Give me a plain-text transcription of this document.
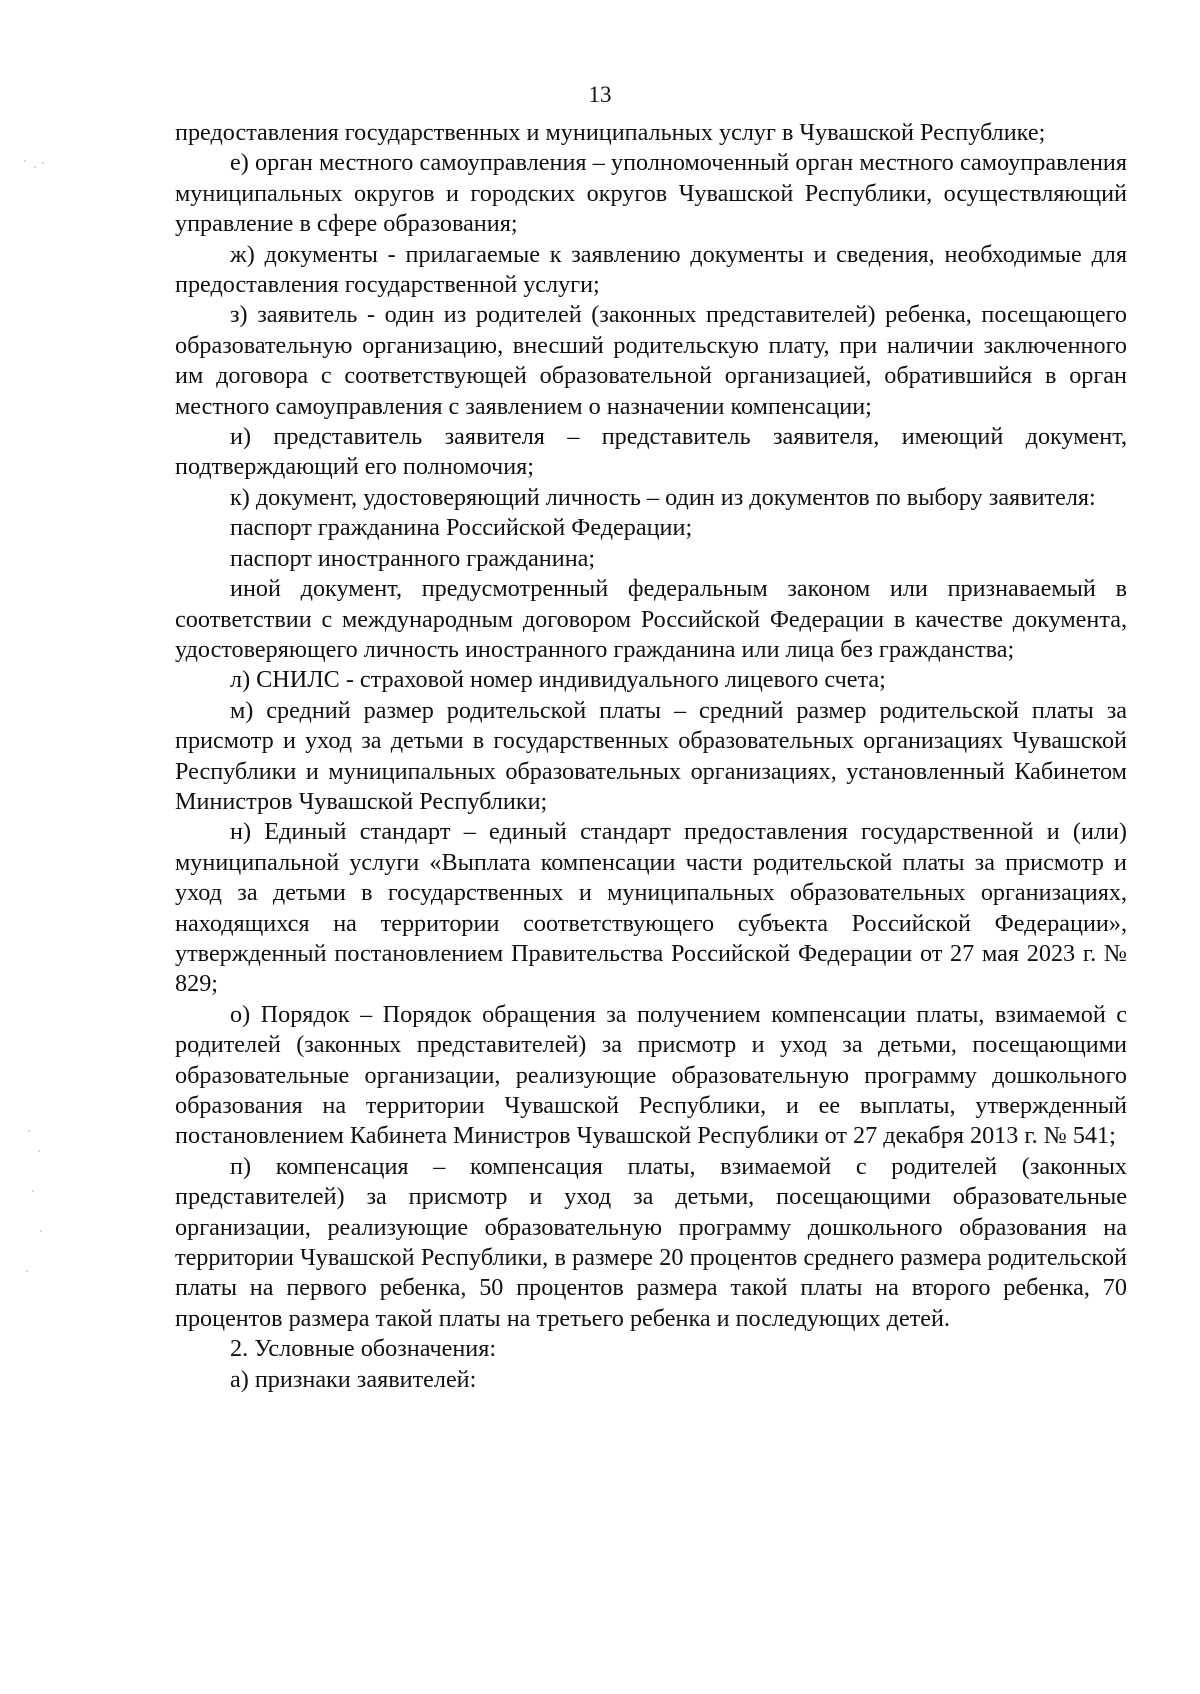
13

предоставления государственных и муниципальных услуг в Чувашской Республике;

е) орган местного самоуправления – уполномоченный орган местного самоуправления муниципальных округов и городских округов Чувашской Республики, осуществляющий управление в сфере образования;

ж) документы - прилагаемые к заявлению документы и сведения, необходимые для предоставления государственной услуги;

з) заявитель - один из родителей (законных представителей) ребенка, посещающего образовательную организацию, внесший родительскую плату, при наличии заключенного им договора с соответствующей образовательной организацией, обратившийся в орган местного самоуправления с заявлением о назначении компенсации;

и) представитель заявителя – представитель заявителя, имеющий документ, подтверждающий его полномочия;

к) документ, удостоверяющий личность – один из документов по выбору заявителя:

паспорт гражданина Российской Федерации;

паспорт иностранного гражданина;

иной документ, предусмотренный федеральным законом или признаваемый в соответствии с международным договором Российской Федерации в качестве документа, удостоверяющего личность иностранного гражданина или лица без гражданства;

л) СНИЛС - страховой номер индивидуального лицевого счета;

м) средний размер родительской платы – средний размер родительской платы за присмотр и уход за детьми в государственных образовательных организациях Чувашской Республики и муниципальных образовательных организациях, установленный Кабинетом Министров Чувашской Республики;

н) Единый стандарт – единый стандарт предоставления государственной и (или) муниципальной услуги «Выплата компенсации части родительской платы за присмотр и уход за детьми в государственных и муниципальных образовательных организациях, находящихся на территории соответствующего субъекта Российской Федерации», утвержденный постановлением Правительства Российской Федерации от 27 мая 2023 г. № 829;

о) Порядок – Порядок обращения за получением компенсации платы, взимаемой с родителей (законных представителей) за присмотр и уход за детьми, посещающими образовательные организации, реализующие образовательную программу дошкольного образования на территории Чувашской Республики, и ее выплаты, утвержденный постановлением Кабинета Министров Чувашской Республики от 27 декабря 2013 г. № 541;

п) компенсация – компенсация платы, взимаемой с родителей (законных представителей) за присмотр и уход за детьми, посещающими образовательные организации, реализующие образовательную программу дошкольного образования на территории Чувашской Республики, в размере 20 процентов среднего размера родительской платы на первого ребенка, 50 процентов размера такой платы на второго ребенка, 70 процентов размера такой платы на третьего ребенка и последующих детей.

2. Условные обозначения:

а) признаки заявителей:
